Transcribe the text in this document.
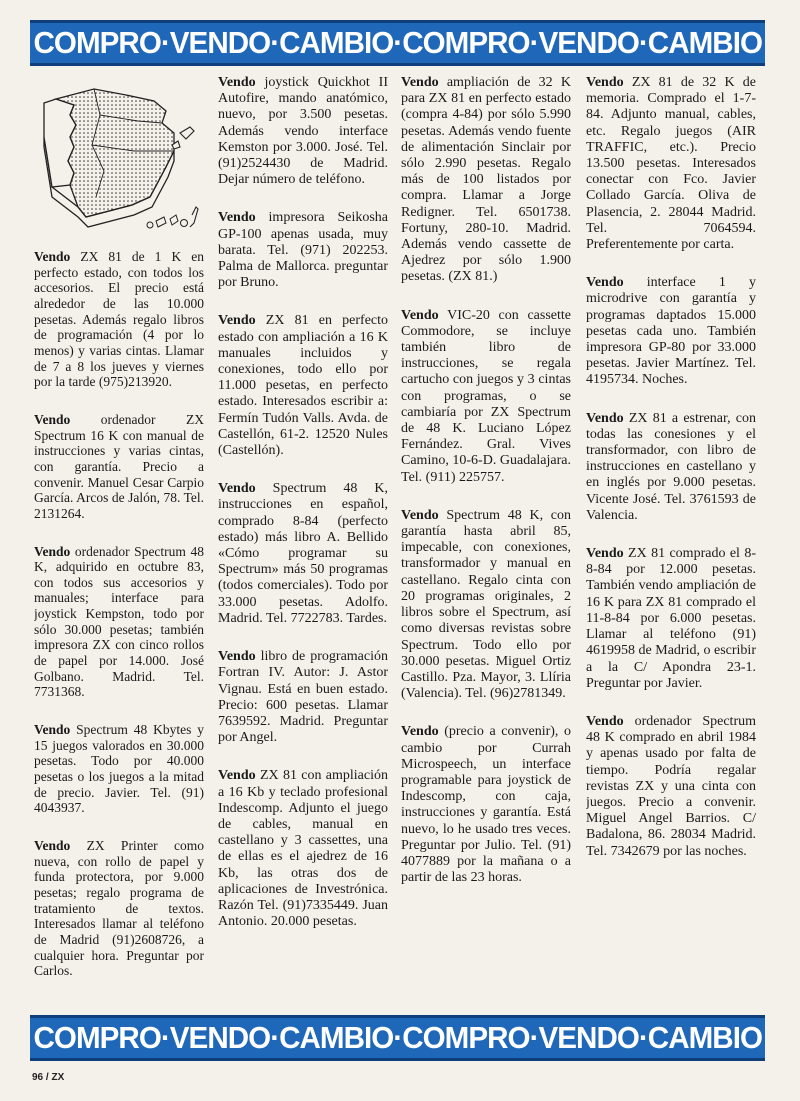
COMPRO·VENDO·CAMBIO·COMPRO·VENDO·CAMBIO

Vendo ZX 81 de 1 K en perfecto estado, con todos los accesorios. El precio está alrededor de las 10.000 pesetas. Además regalo libros de programación (4 por lo menos) y varias cintas. Llamar de 7 a 8 los jueves y viernes por la tarde (975)213920.

Vendo ordenador ZX Spectrum 16 K con manual de instrucciones y varias cintas, con garantía. Precio a convenir. Manuel Cesar Carpio García. Arcos de Jalón, 78. Tel. 2131264.

Vendo ordenador Spectrum 48 K, adquirido en octubre 83, con todos sus accesorios y manuales; interface para joystick Kempston, todo por sólo 30.000 pesetas; también impresora ZX con cinco rollos de papel por 14.000. José Golbano. Madrid. Tel. 7731368.

Vendo Spectrum 48 Kbytes y 15 juegos valorados en 30.000 pesetas. Todo por 40.000 pesetas o los juegos a la mitad de precio. Javier. Tel. (91) 4043937.

Vendo ZX Printer como nueva, con rollo de papel y funda protectora, por 9.000 pesetas; regalo programa de tratamiento de textos. Interesados llamar al teléfono de Madrid (91)2608726, a cualquier hora. Preguntar por Carlos.

Vendo joystick Quickhot II Autofire, mando anatómico, nuevo, por 3.500 pesetas. Además vendo interface Kemston por 3.000. José. Tel. (91)2524430 de Madrid. Dejar número de teléfono.

Vendo impresora Seikosha GP-100 apenas usada, muy barata. Tel. (971) 202253. Palma de Mallorca. preguntar por Bruno.

Vendo ZX 81 en perfecto estado con ampliación a 16 K manuales incluidos y conexiones, todo ello por 11.000 pesetas, en perfecto estado. Interesados escribir a: Fermín Tudón Valls. Avda. de Castellón, 61-2. 12520 Nules (Castellón).

Vendo Spectrum 48 K, instrucciones en español, comprado 8-84 (perfecto estado) más libro A. Bellido «Cómo programar su Spectrum» más 50 programas (todos comerciales). Todo por 33.000 pesetas. Adolfo. Madrid. Tel. 7722783. Tardes.

Vendo libro de programación Fortran IV. Autor: J. Astor Vignau. Está en buen estado. Precio: 600 pesetas. Llamar 7639592. Madrid. Preguntar por Angel.

Vendo ZX 81 con ampliación a 16 Kb y teclado profesional Indescomp. Adjunto el juego de cables, manual en castellano y 3 cassettes, una de ellas es el ajedrez de 16 Kb, las otras dos de aplicaciones de Investrónica. Razón Tel. (91)7335449. Juan Antonio. 20.000 pesetas.

Vendo ampliación de 32 K para ZX 81 en perfecto estado (compra 4-84) por sólo 5.990 pesetas. Además vendo fuente de alimentación Sinclair por sólo 2.990 pesetas. Regalo más de 100 listados por compra. Llamar a Jorge Redigner. Tel. 6501738. Fortuny, 280-10. Madrid. Además vendo cassette de Ajedrez por sólo 1.900 pesetas. (ZX 81.)

Vendo VIC-20 con cassette Commodore, se incluye también libro de instrucciones, se regala cartucho con juegos y 3 cintas con programas, o se cambiaría por ZX Spectrum de 48 K. Luciano López Fernández. Gral. Vives Camino, 10-6-D. Guadalajara. Tel. (911) 225757.

Vendo Spectrum 48 K, con garantía hasta abril 85, impecable, con conexiones, transformador y manual en castellano. Regalo cinta con 20 programas originales, 2 libros sobre el Spectrum, así como diversas revistas sobre Spectrum. Todo ello por 30.000 pesetas. Miguel Ortiz Castillo. Pza. Mayor, 3. Llíria (Valencia). Tel. (96)2781349.

Vendo (precio a convenir), o cambio por Currah Microspeech, un interface programable para joystick de Indescomp, con caja, instrucciones y garantía. Está nuevo, lo he usado tres veces. Preguntar por Julio. Tel. (91) 4077889 por la mañana o a partir de las 23 horas.

Vendo ZX 81 de 32 K de memoria. Comprado el 1-7-84. Adjunto manual, cables, etc. Regalo juegos (AIR TRAFFIC, etc.). Precio 13.500 pesetas. Interesados conectar con Fco. Javier Collado García. Oliva de Plasencia, 2. 28044 Madrid. Tel. 7064594. Preferentemente por carta.

Vendo interface 1 y microdrive con garantía y programas daptados 15.000 pesetas cada uno. También impresora GP-80 por 33.000 pesetas. Javier Martínez. Tel. 4195734. Noches.

Vendo ZX 81 a estrenar, con todas las conesiones y el transformador, con libro de instrucciones en castellano y en inglés por 9.000 pesetas. Vicente José. Tel. 3761593 de Valencia.

Vendo ZX 81 comprado el 8-8-84 por 12.000 pesetas. También vendo ampliación de 16 K para ZX 81 comprado el 11-8-84 por 6.000 pesetas. Llamar al teléfono (91) 4619958 de Madrid, o escribir a la C/ Apondra 23-1. Preguntar por Javier.

Vendo ordenador Spectrum 48 K comprado en abril 1984 y apenas usado por falta de tiempo. Podría regalar revistas ZX y una cinta con juegos. Precio a convenir. Miguel Angel Barrios. C/ Badalona, 86. 28034 Madrid. Tel. 7342679 por las noches.

COMPRO·VENDO·CAMBIO·COMPRO·VENDO·CAMBIO
96 / ZX
